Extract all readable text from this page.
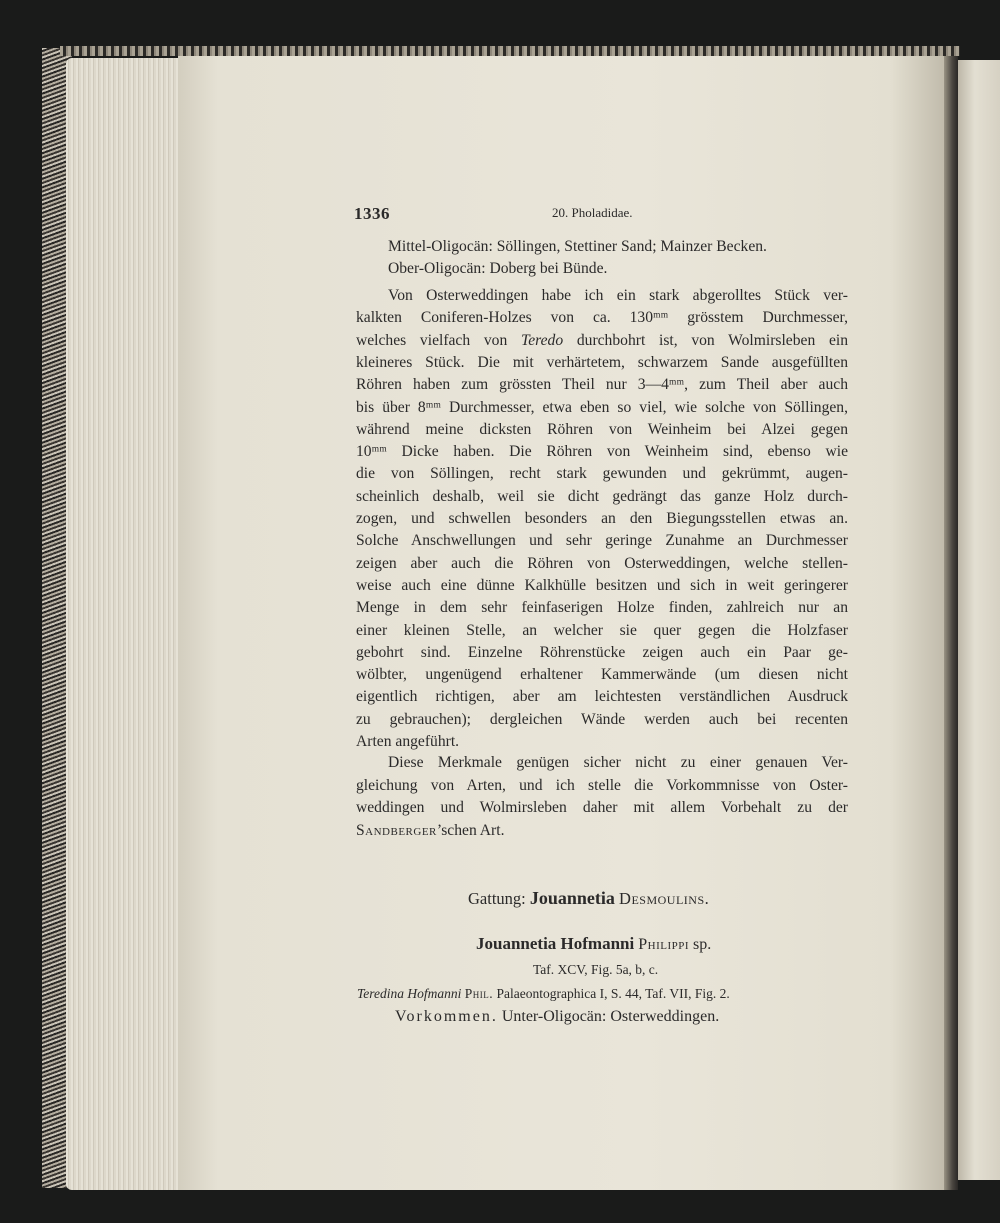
1336	20. Pholadidae.
Mittel-Oligocän: Söllingen, Stettiner Sand; Mainzer Becken.
Ober-Oligocän: Doberg bei Bünde.
Von Osterweddingen habe ich ein stark abgerolltes Stück ver-
kalkten Coniferen-Holzes von ca. 130ᵐᵐ grösstem Durchmesser,
welches vielfach von Teredo durchbohrt ist, von Wolmirsleben ein
kleineres Stück. Die mit verhärtetem, schwarzem Sande ausgefüllten
Röhren haben zum grössten Theil nur 3—4ᵐᵐ, zum Theil aber auch
bis über 8ᵐᵐ Durchmesser, etwa eben so viel, wie solche von Söllingen,
während meine dicksten Röhren von Weinheim bei Alzei gegen
10ᵐᵐ Dicke haben. Die Röhren von Weinheim sind, ebenso wie
die von Söllingen, recht stark gewunden und gekrümmt, augen-
scheinlich deshalb, weil sie dicht gedrängt das ganze Holz durch-
zogen, und schwellen besonders an den Biegungsstellen etwas an.
Solche Anschwellungen und sehr geringe Zunahme an Durchmesser
zeigen aber auch die Röhren von Osterweddingen, welche stellen-
weise auch eine dünne Kalkhülle besitzen und sich in weit geringerer
Menge in dem sehr feinfaserigen Holze finden, zahlreich nur an
einer kleinen Stelle, an welcher sie quer gegen die Holzfaser
gebohrt sind. Einzelne Röhrenstücke zeigen auch ein Paar ge-
wölbter, ungenügend erhaltener Kammerwände (um diesen nicht
eigentlich richtigen, aber am leichtesten verständlichen Ausdruck
zu gebrauchen); dergleichen Wände werden auch bei recenten
Arten angeführt.
Diese Merkmale genügen sicher nicht zu einer genauen Ver-
gleichung von Arten, und ich stelle die Vorkommnisse von Oster-
weddingen und Wolmirsleben daher mit allem Vorbehalt zu der
Sandberger’schen Art.
Gattung: Jouannetia Desmoulins.
Jouannetia Hofmanni Philippi sp.
Taf. XCV, Fig. 5a, b, c.
Teredina Hofmanni Phil. Palaeontographica I, S. 44, Taf. VII, Fig. 2.
Vorkommen. Unter-Oligocän: Osterweddingen.
